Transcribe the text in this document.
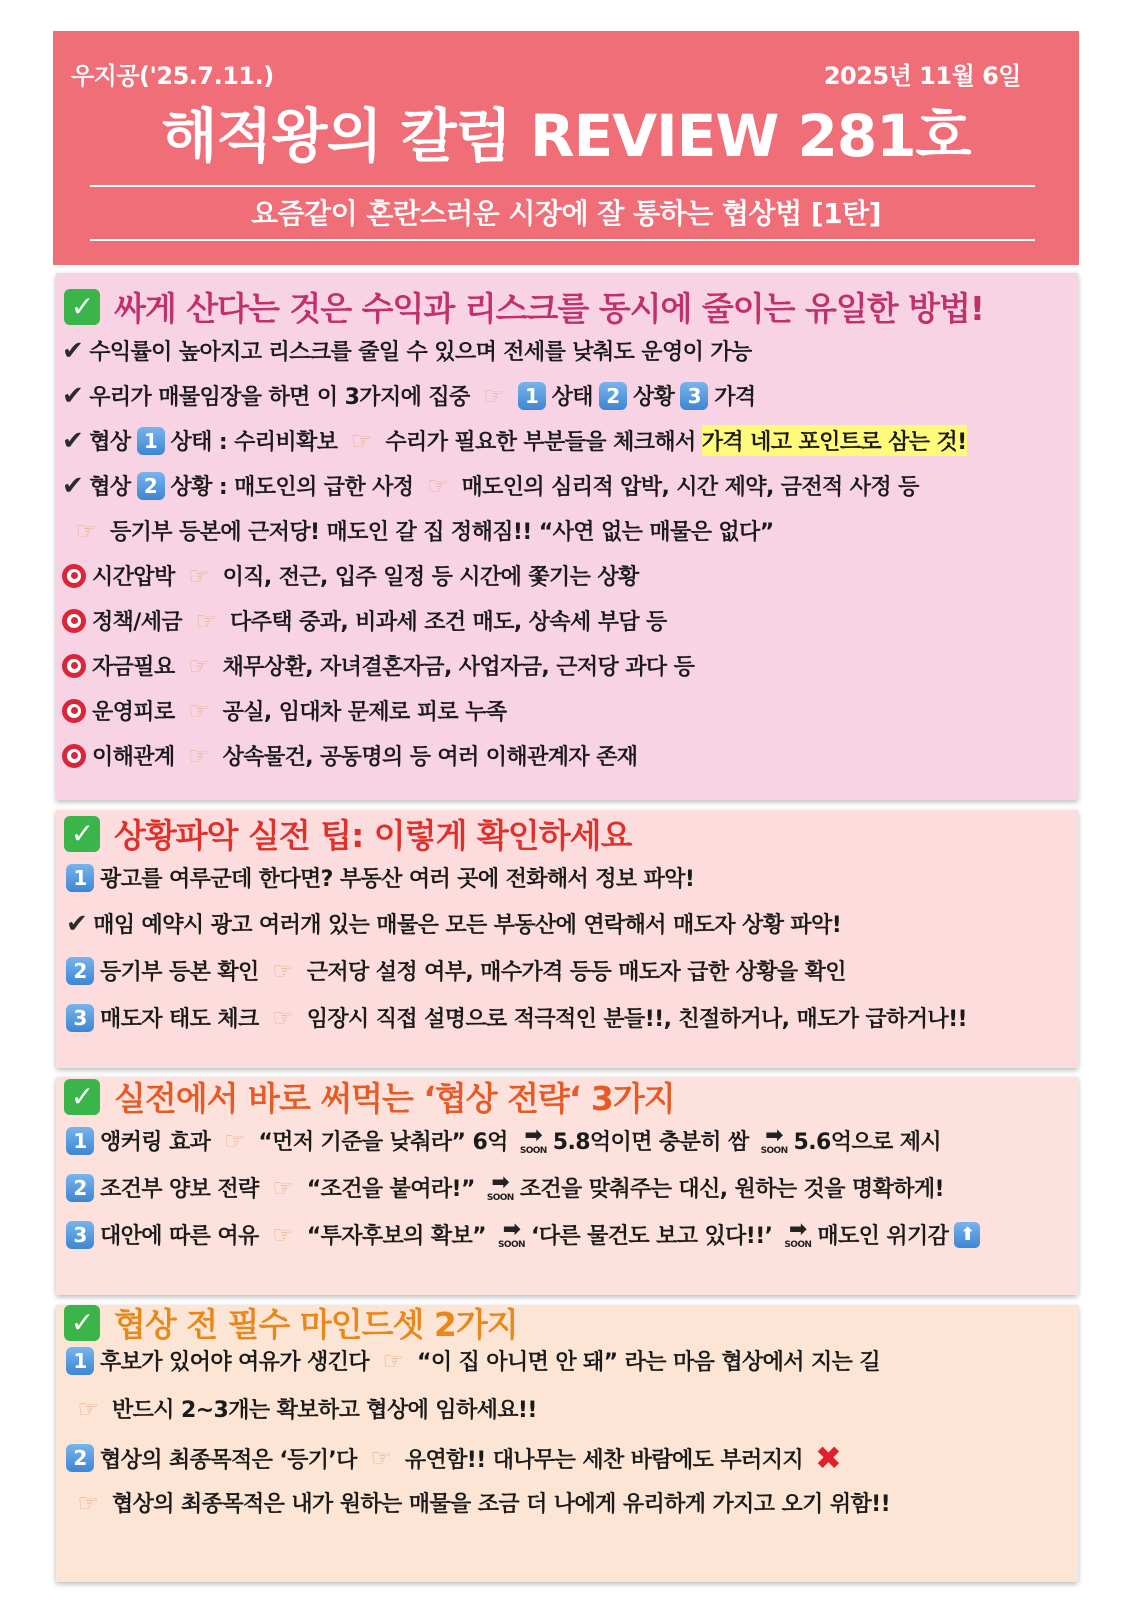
우지공('25.7.11.)	2025년 11월 6일
해적왕의 칼럼 REVIEW 281호
요즘같이 혼란스러운 시장에 잘 통하는 협상법 [1탄]
✓ 싸게 산다는 것은 수익과 리스크를 동시에 줄이는 유일한 방법!
✔ 수익률이 높아지고 리스크를 줄일 수 있으며 전세를 낮춰도 운영이 가능
✔ 우리가 매물임장을 하면 이 3가지에 집중 ☞	1 상태 2 상황 3 가격
✔ 협상 1 상태 : 수리비확보 ☞ 수리가 필요한 부분들을 체크해서 가격 네고 포인트로 삼는 것!
✔ 협상 2 상황 : 매도인의 급한 사정 ☞ 매도인의 심리적 압박, 시간 제약, 금전적 사정 등
☞ 등기부 등본에 근저당! 매도인 갈 집 정해짐!! “사연 없는 매물은 없다”
시간압박 ☞ 이직, 전근, 입주 일정 등 시간에 쫓기는 상황
정책/세금 ☞ 다주택 중과, 비과세 조건 매도, 상속세 부담 등
자금필요 ☞ 채무상환, 자녀결혼자금, 사업자금, 근저당 과다 등
운영피로 ☞ 공실, 임대차 문제로 피로 누족
이해관계 ☞ 상속물건, 공동명의 등 여러 이해관계자 존재
✓ 상황파악 실전 팁: 이렇게 확인하세요
1 광고를 여루군데 한다면? 부동산 여러 곳에 전화해서 정보 파악!
✔ 매임 예약시 광고 여러개 있는 매물은 모든 부동산에 연락해서 매도자 상황 파악!
2 등기부 등본 확인 ☞ 근저당 설정 여부, 매수가격 등등 매도자 급한 상황을 확인
3 매도자 태도 체크 ☞ 임장시 직접 설명으로 적극적인 분들!!, 친절하거나, 매도가 급하거나!!
✓ 실전에서 바로 써먹는 ‘협상 전략‘ 3가지
1 앵커링 효과 ☞ “먼저 기준을 낮춰라” 6억 ➡
SOON 5.8억이면 충분히 쌈 ➡
SOON 5.6억으로 제시
2 조건부 양보 전략 ☞ “조건을 붙여라!” ➡
SOON 조건을 맞춰주는 대신, 원하는 것을 명확하게!
3 대안에 따른 여유 ☞ “투자후보의 확보” ➡
SOON ‘다른 물건도 보고 있다!!’ ➡
SOON 매도인 위기감 ⬆
✓ 협상 전 필수 마인드셋 2가지
1 후보가 있어야 여유가 생긴다 ☞ “이 집 아니면 안 돼” 라는 마음 협상에서 지는 길
☞ 반드시 2~3개는 확보하고 협상에 임하세요!!
2 협상의 최종목적은 ‘등기’다 ☞ 유연함!! 대나무는 세찬 바람에도 부러지지 ✖
☞ 협상의 최종목적은 내가 원하는 매물을 조금 더 나에게 유리하게 가지고 오기 위함!!
